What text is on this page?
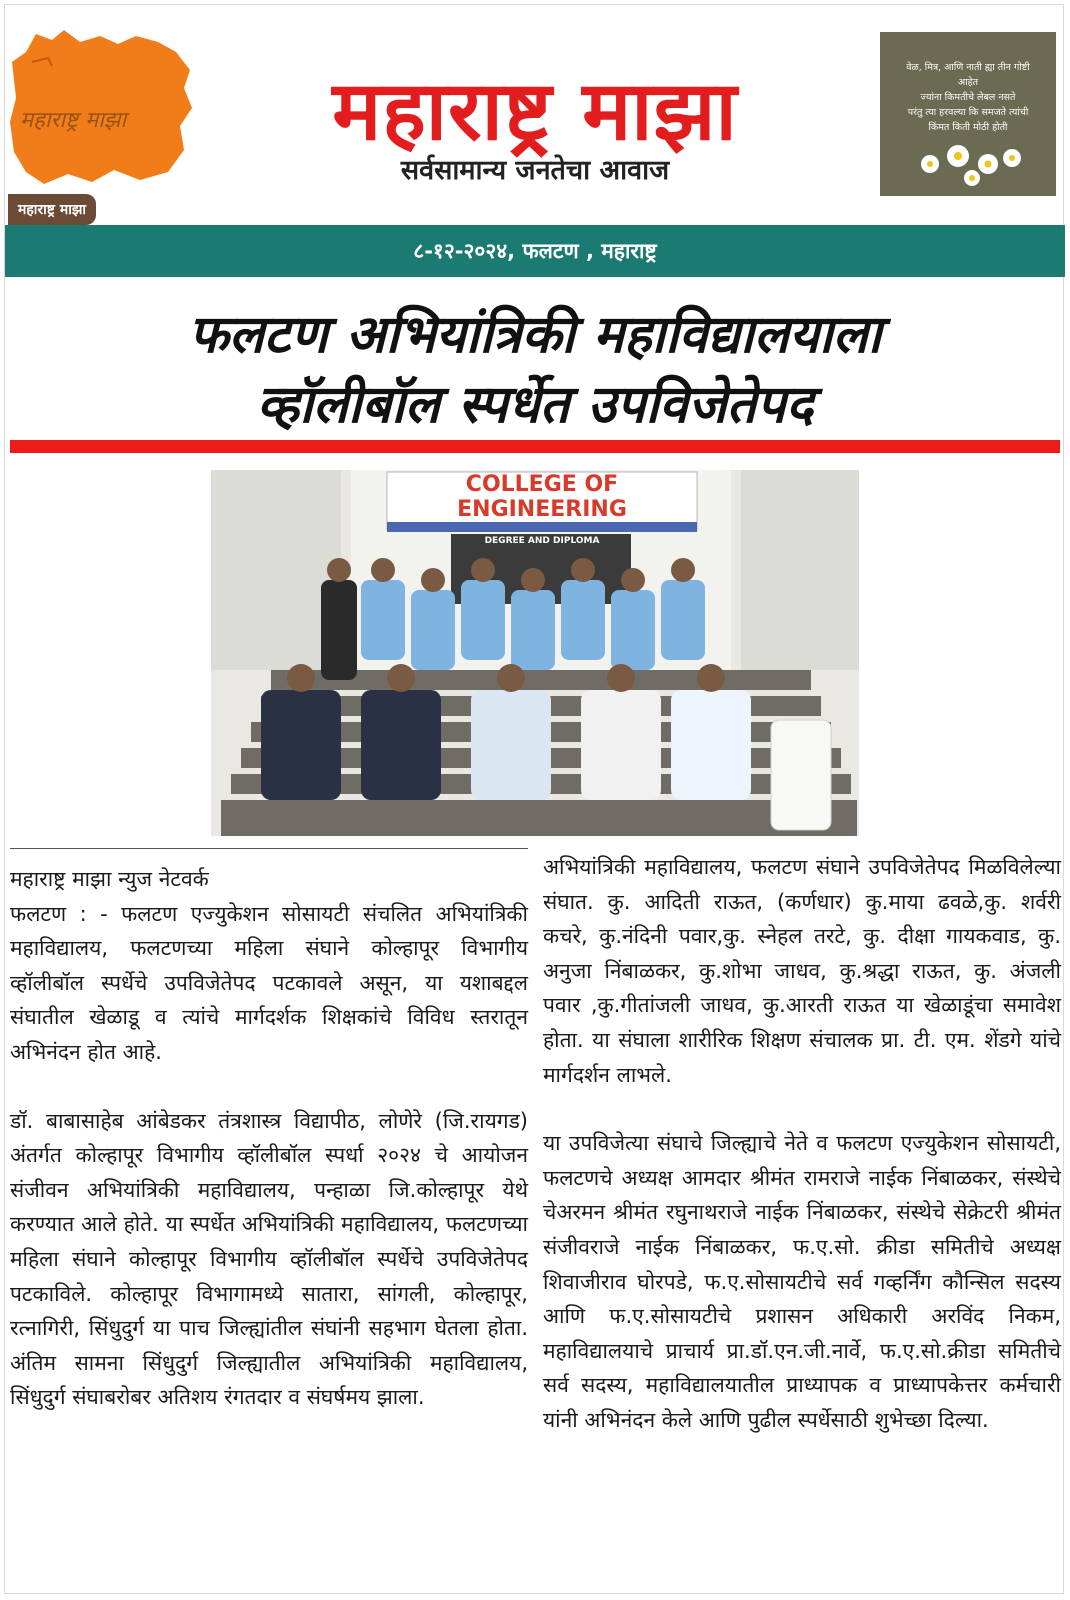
महाराष्ट्र माझा
महाराष्ट्र माझा
महाराष्ट्र माझा
सर्वसामान्य जनतेचा आवाज
वेळ, मित्र, आणि नाती ह्या तीन गोष्टी
आहेत
ज्यांना किमतीचे लेबल नसते
परंतु त्या हरवल्या कि समजते त्यांची
किंमत किती मोठी होती
८-१२-२०२४, फलटण , महाराष्ट्र
फलटण अभियांत्रिकी महाविद्यालयाला
व्हॉलीबॉल स्पर्धेत उपविजेतेपद
COLLEGE OF ENGINEERING
DEGREE AND DIPLOMA

महाराष्ट्र माझा न्युज नेटवर्क

फलटण : - फलटण एज्युकेशन सोसायटी संचलित अभियांत्रिकी महाविद्यालय, फलटणच्या महिला संघाने कोल्हापूर विभागीय व्हॉलीबॉल स्पर्धेचे उपविजेतेपद पटकावले असून, या यशाबद्दल संघातील खेळाडू व त्यांचे मार्गदर्शक शिक्षकांचे विविध स्तरातून अभिनंदन होत आहे.

डॉ. बाबासाहेब आंबेडकर तंत्रशास्त्र विद्यापीठ, लोणेरे (जि.रायगड) अंतर्गत कोल्हापूर विभागीय व्हॉलीबॉल स्पर्धा २०२४ चे आयोजन संजीवन अभियांत्रिकी महाविद्यालय, पन्हाळा जि.कोल्हापूर येथे करण्यात आले होते. या स्पर्धेत अभियांत्रिकी महाविद्यालय, फलटणच्या महिला संघाने कोल्हापूर विभागीय व्हॉलीबॉल स्पर्धेचे उपविजेतेपद पटकाविले. कोल्हापूर विभागामध्ये सातारा, सांगली, कोल्हापूर, रत्नागिरी, सिंधुदुर्ग या पाच जिल्ह्यांतील संघांनी सहभाग घेतला होता. अंतिम सामना सिंधुदुर्ग जिल्ह्यातील अभियांत्रिकी महाविद्यालय, सिंधुदुर्ग संघाबरोबर अतिशय रंगतदार व संघर्षमय झाला.

अभियांत्रिकी महाविद्यालय, फलटण संघाने उपविजेतेपद मिळविलेल्या संघात. कु. आदिती राऊत, (कर्णधार) कु.माया ढवळे,कु. शर्वरी कचरे, कु.नंदिनी पवार,कु. स्नेहल तरटे, कु. दीक्षा गायकवाड, कु. अनुजा निंबाळकर, कु.शोभा जाधव, कु.श्रद्धा राऊत, कु. अंजली पवार ,कु.गीतांजली जाधव, कु.आरती राऊत या खेळाडूंचा समावेश होता. या संघाला शारीरिक शिक्षण संचालक प्रा. टी. एम. शेंडगे यांचे मार्गदर्शन लाभले.

या उपविजेत्या संघाचे जिल्ह्याचे नेते व फलटण एज्युकेशन सोसायटी, फलटणचे अध्यक्ष आमदार श्रीमंत रामराजे नाईक निंबाळकर, संस्थेचे चेअरमन श्रीमंत रघुनाथराजे नाईक निंबाळकर, संस्थेचे सेक्रेटरी श्रीमंत संजीवराजे नाईक निंबाळकर, फ.ए.सो. क्रीडा समितीचे अध्यक्ष शिवाजीराव घोरपडे, फ.ए.सोसायटीचे सर्व गव्हर्निंग कौन्सिल सदस्य आणि फ.ए.सोसायटीचे प्रशासन अधिकारी अरविंद निकम, महाविद्यालयाचे प्राचार्य प्रा.डॉ.एन.जी.नार्वे, फ.ए.सो.क्रीडा समितीचे सर्व सदस्य, महाविद्यालयातील प्राध्यापक व प्राध्यापकेत्तर कर्मचारी यांनी अभिनंदन केले आणि पुढील स्पर्धेसाठी शुभेच्छा दिल्या.
